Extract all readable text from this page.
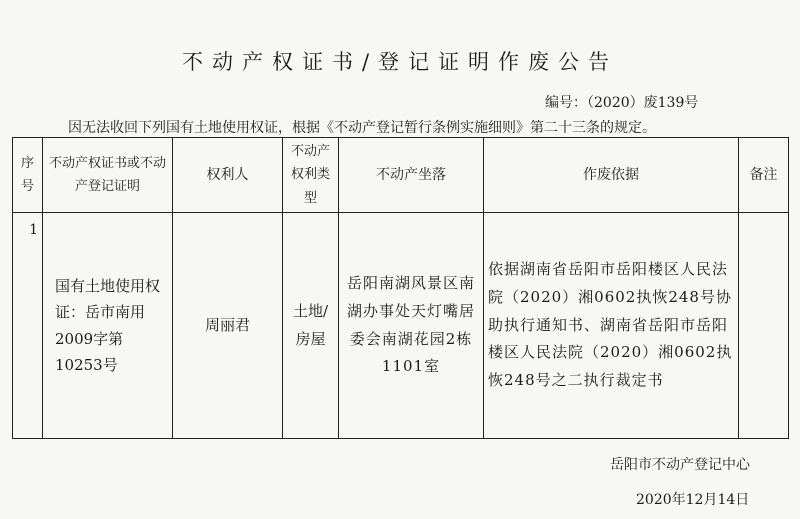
不动产权证书/登记证明作废公告
编号：（2020）废139号
因无法收回下列国有土地使用权证，根据《不动产登记暂行条例实施细则》第二十三条的规定。
序号	不动产权证书或不动产登记证明	权利人	不动产权利类型	不动产坐落	作废依据	备注
1	国有土地使用权证：岳市南用2009字第10253号	周丽君	土地/房屋	岳阳南湖风景区南湖办事处天灯嘴居委会南湖花园2栋1101室	依据湖南省岳阳市岳阳楼区人民法院（2020）湘0602执恢248号协助执行通知书、湖南省岳阳市岳阳楼区人民法院（2020）湘0602执恢248号之二执行裁定书	
岳阳市不动产登记中心
2020年12月14日
